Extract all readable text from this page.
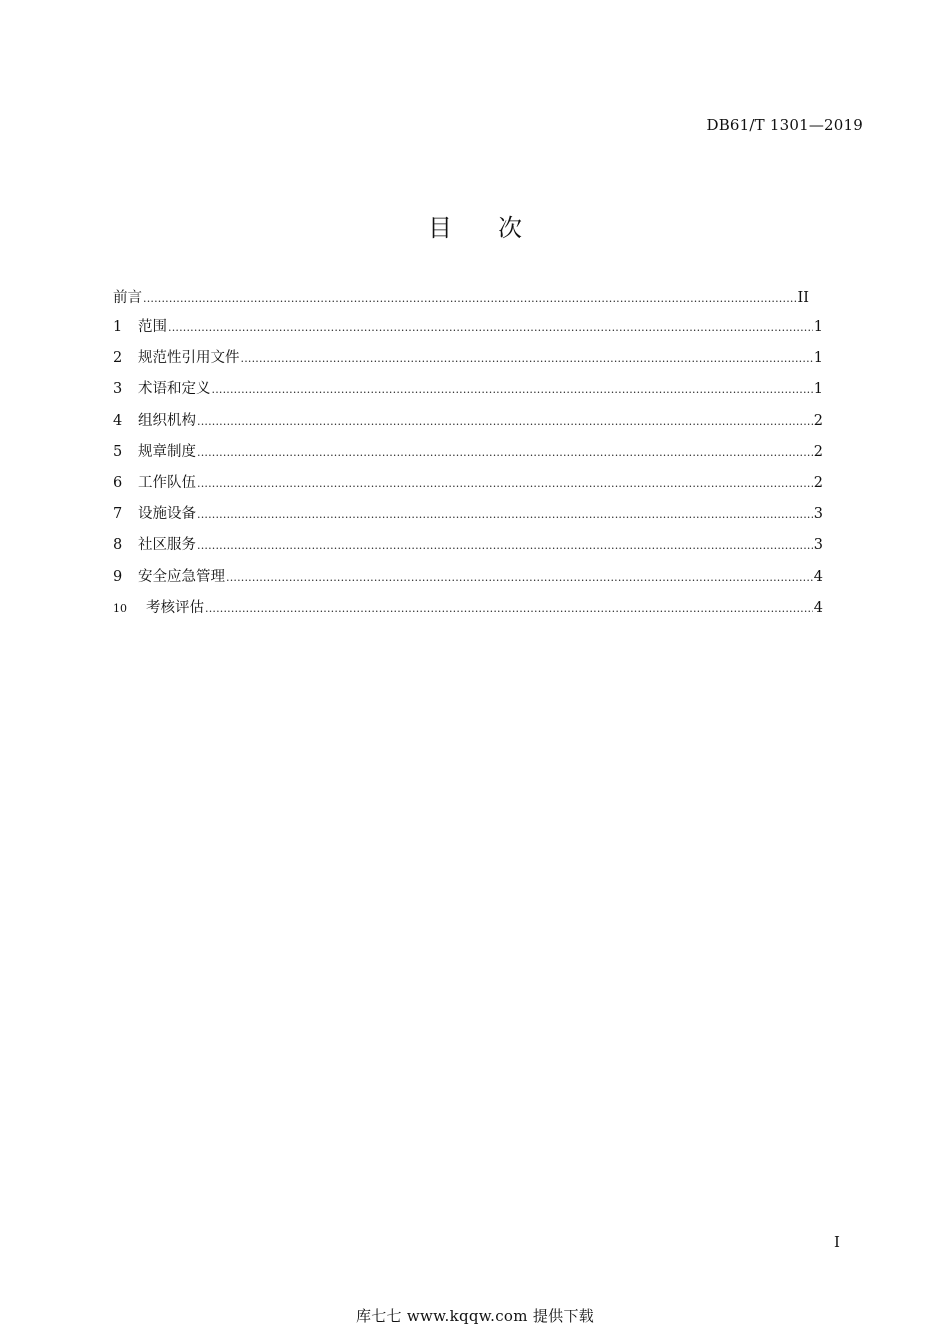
DB61/T 1301—2019
目 次
前言 .....	II
1	范围 .....	1
2	规范性引用文件 .....	1
3	术语和定义 .....	1
4	组织机构 .....	2
5	规章制度 .....	2
6	工作队伍 .....	2
7	设施设备 .....	3
8	社区服务 .....	3
9	安全应急管理 .....	4
10	考核评估 .....	4
I
库七七 www.kqqw.com 提供下载
